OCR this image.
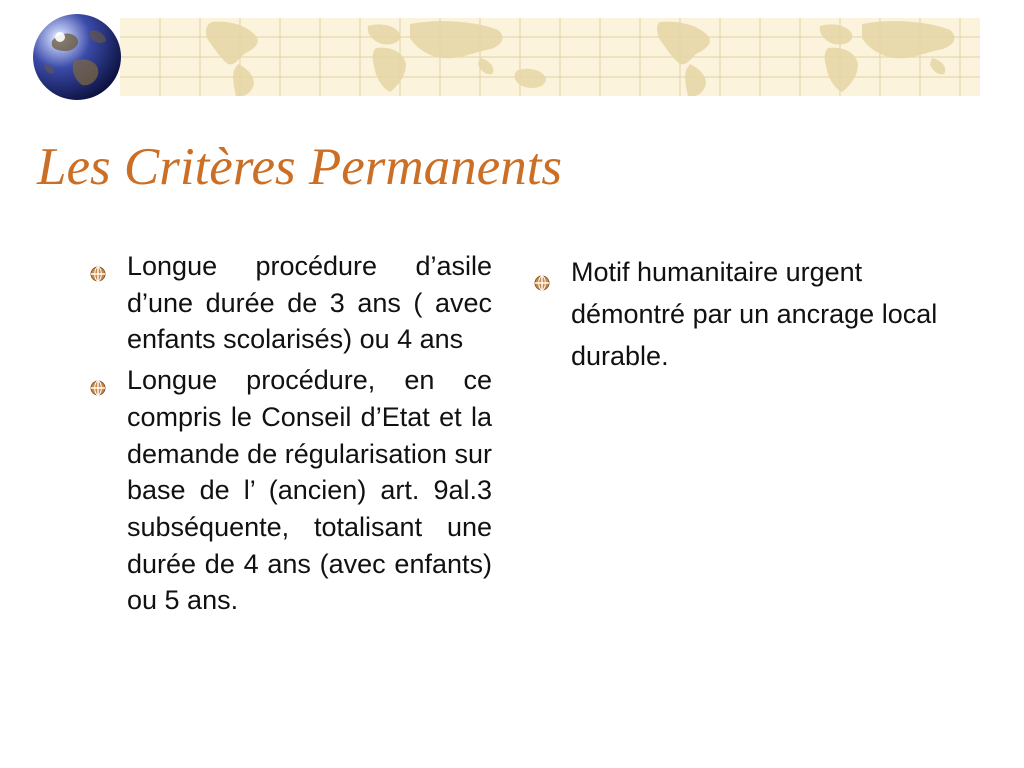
Les Critères Permanents
Longue procédure d’asile d’une durée de 3 ans ( avec enfants scolarisés) ou 4 ans
Longue procédure, en ce compris le Conseil d’Etat et la demande de régularisation sur base de l’ (ancien) art. 9al.3 subséquente, totalisant une durée de 4 ans (avec enfants) ou 5 ans.
Motif humanitaire urgent démontré par un ancrage local durable.
